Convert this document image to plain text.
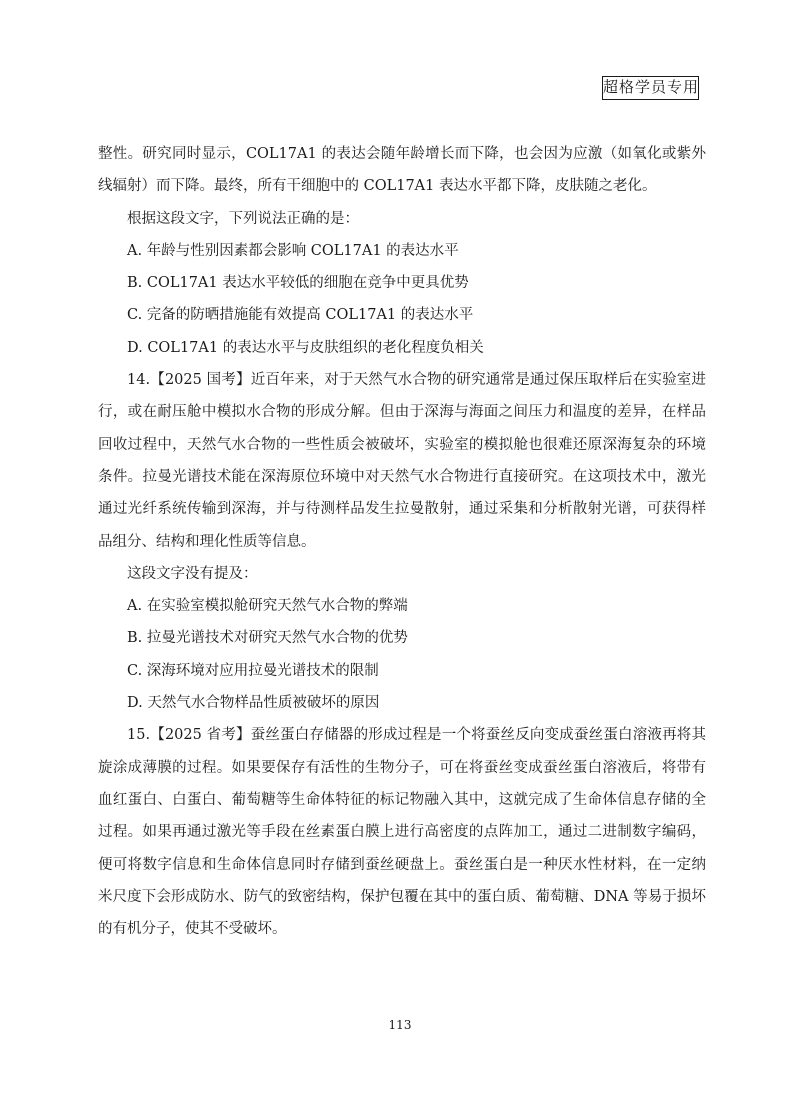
超格学员专用

整性。研究同时显示，COL17A1 的表达会随年龄增长而下降，也会因为应激（如氧化或紫外线辐射）而下降。最终，所有干细胞中的 COL17A1 表达水平都下降，皮肤随之老化。

根据这段文字，下列说法正确的是：

A. 年龄与性别因素都会影响 COL17A1 的表达水平

B. COL17A1 表达水平较低的细胞在竞争中更具优势

C. 完备的防晒措施能有效提高 COL17A1 的表达水平

D. COL17A1 的表达水平与皮肤组织的老化程度负相关

14.【2025 国考】近百年来，对于天然气水合物的研究通常是通过保压取样后在实验室进行，或在耐压舱中模拟水合物的形成分解。但由于深海与海面之间压力和温度的差异，在样品回收过程中，天然气水合物的一些性质会被破坏，实验室的模拟舱也很难还原深海复杂的环境条件。拉曼光谱技术能在深海原位环境中对天然气水合物进行直接研究。在这项技术中，激光通过光纤系统传输到深海，并与待测样品发生拉曼散射，通过采集和分析散射光谱，可获得样品组分、结构和理化性质等信息。

这段文字没有提及：

A. 在实验室模拟舱研究天然气水合物的弊端

B. 拉曼光谱技术对研究天然气水合物的优势

C. 深海环境对应用拉曼光谱技术的限制

D. 天然气水合物样品性质被破坏的原因

15.【2025 省考】蚕丝蛋白存储器的形成过程是一个将蚕丝反向变成蚕丝蛋白溶液再将其旋涂成薄膜的过程。如果要保存有活性的生物分子，可在将蚕丝变成蚕丝蛋白溶液后，将带有血红蛋白、白蛋白、葡萄糖等生命体特征的标记物融入其中，这就完成了生命体信息存储的全过程。如果再通过激光等手段在丝素蛋白膜上进行高密度的点阵加工，通过二进制数字编码，便可将数字信息和生命体信息同时存储到蚕丝硬盘上。蚕丝蛋白是一种厌水性材料，在一定纳米尺度下会形成防水、防气的致密结构，保护包覆在其中的蛋白质、葡萄糖、DNA 等易于损坏的有机分子，使其不受破坏。

113
